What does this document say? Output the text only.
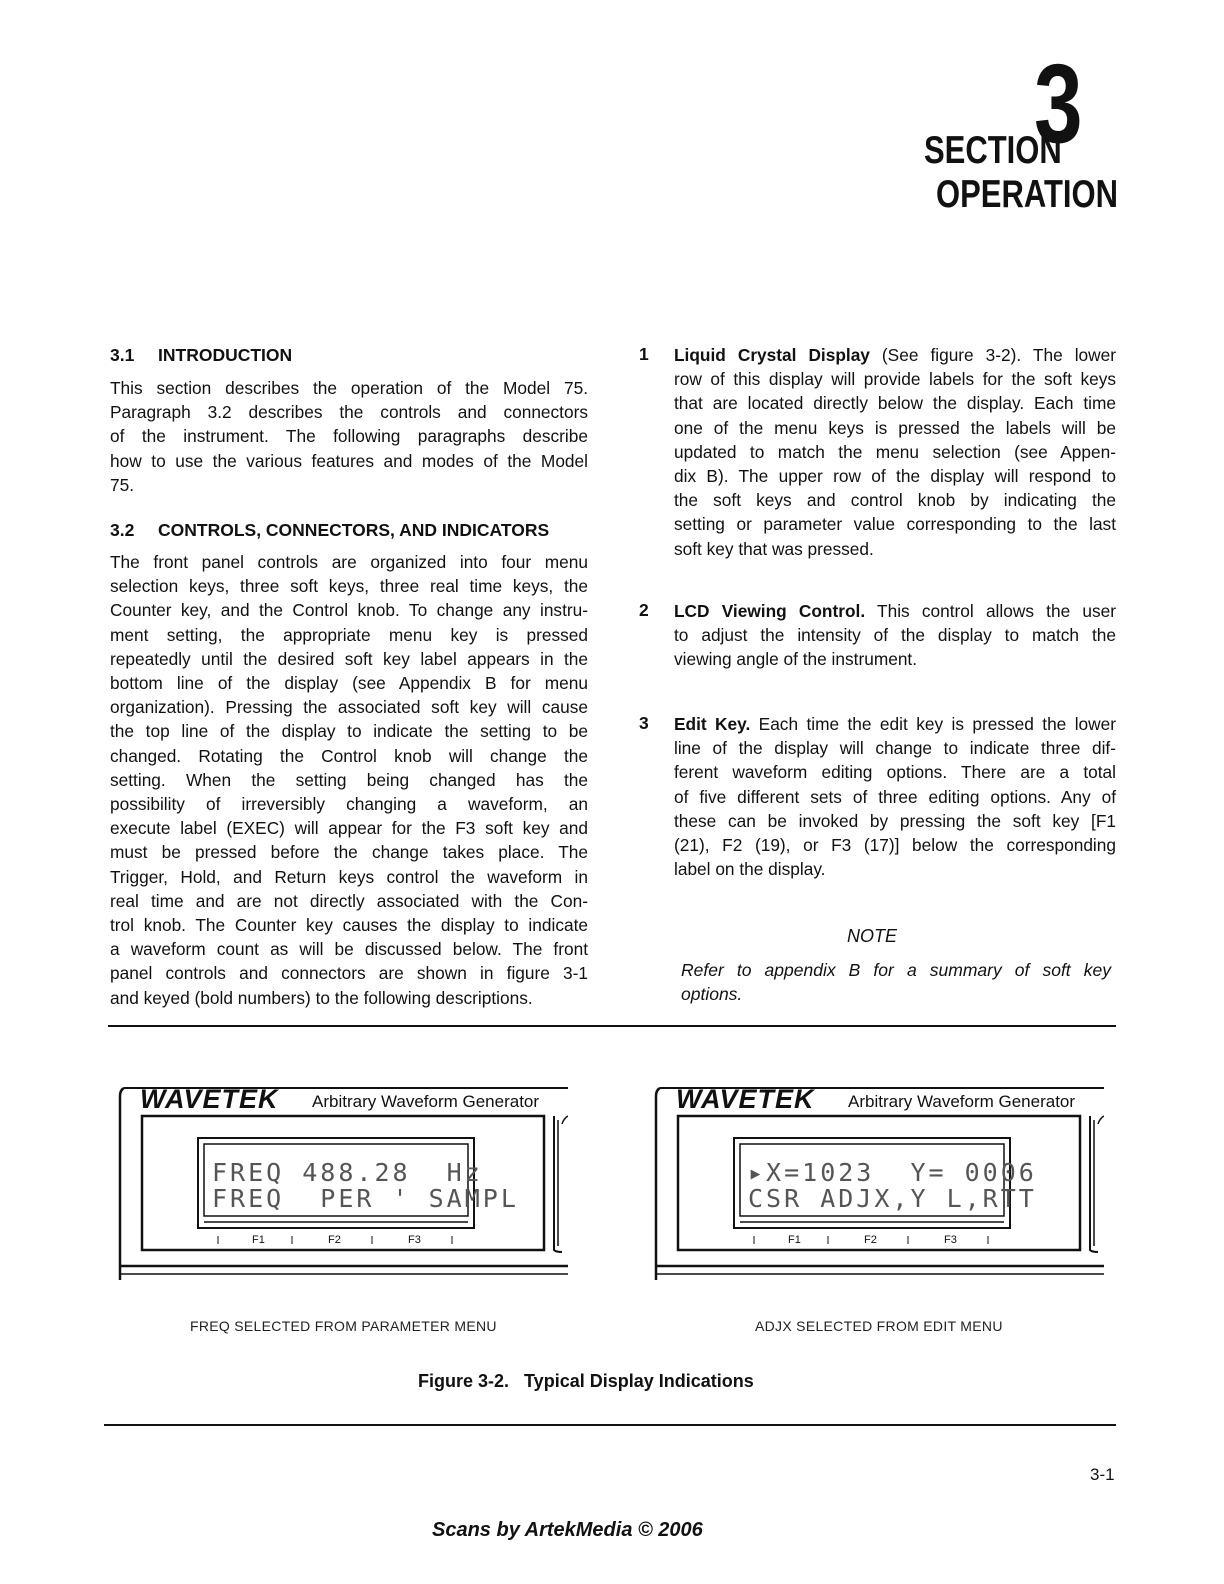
SECTION
3
OPERATION
3.1 INTRODUCTION
This section describes the operation of the Model 75.
Paragraph 3.2 describes the controls and connectors
of the instrument. The following paragraphs describe
how to use the various features and modes of the Model
75.
3.2 CONTROLS, CONNECTORS, AND INDICATORS
The front panel controls are organized into four menu
selection keys, three soft keys, three real time keys, the
Counter key, and the Control knob. To change any instru-
ment setting, the appropriate menu key is pressed
repeatedly until the desired soft key label appears in the
bottom line of the display (see Appendix B for menu
organization). Pressing the associated soft key will cause
the top line of the display to indicate the setting to be
changed. Rotating the Control knob will change the
setting. When the setting being changed has the
possibility of irreversibly changing a waveform, an
execute label (EXEC) will appear for the F3 soft key and
must be pressed before the change takes place. The
Trigger, Hold, and Return keys control the waveform in
real time and are not directly associated with the Con-
trol knob. The Counter key causes the display to indicate
a waveform count as will be discussed below. The front
panel controls and connectors are shown in figure 3-1
and keyed (bold numbers) to the following descriptions.
1 Liquid Crystal Display (See figure 3-2). The lower
row of this display will provide labels for the soft keys
that are located directly below the display. Each time
one of the menu keys is pressed the labels will be
updated to match the menu selection (see Appen-
dix B). The upper row of the display will respond to
the soft keys and control knob by indicating the
setting or parameter value corresponding to the last
soft key that was pressed.
2 LCD Viewing Control. This control allows the user
to adjust the intensity of the display to match the
viewing angle of the instrument.
3 Edit Key. Each time the edit key is pressed the lower
line of the display will change to indicate three dif-
ferent waveform editing options. There are a total
of five different sets of three editing options. Any of
these can be invoked by pressing the soft key [F1
(21), F2 (19), or F3 (17)] below the corresponding
label on the display.
NOTE
Refer to appendix B for a summary of soft key
options.
WAVETEK Arbitrary Waveform Generator
FREQ 488.28  Hz
FREQ  PER ' SAMPL
F1	F2	F3
WAVETEK Arbitrary Waveform Generator
▸X=1023  Y= 0006
CSR ADJX,Y L,RTT
F1	F2	F3
FREQ SELECTED FROM PARAMETER MENU	ADJX SELECTED FROM EDIT MENU
Figure 3-2.   Typical Display Indications
3-1
Scans by ArtekMedia © 2006
